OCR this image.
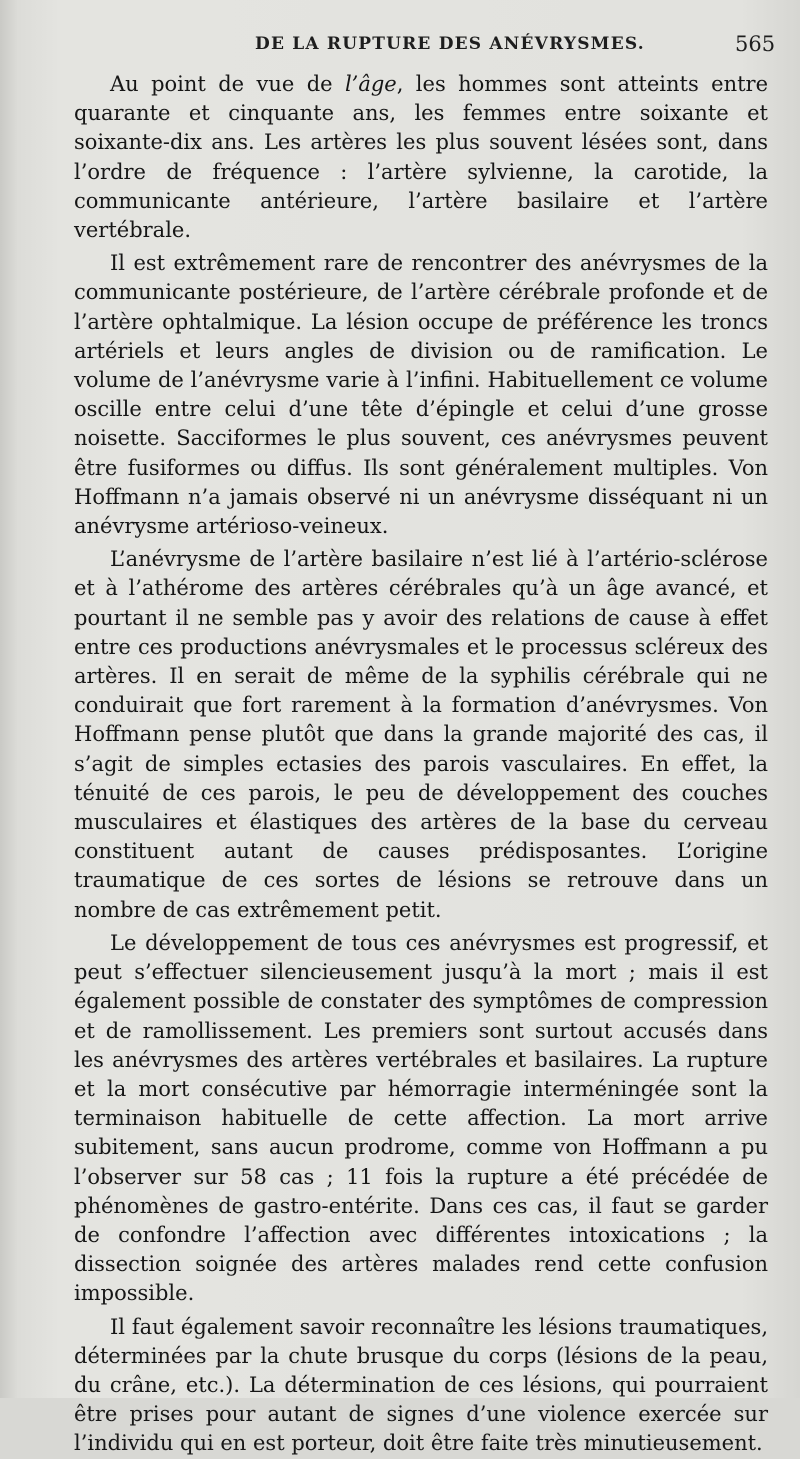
DE LA RUPTURE DES ANÉVRYSMES.	565

Au point de vue de l’âge, les hommes sont atteints entre quarante et cinquante ans, les femmes entre soixante et soixante-dix ans. Les artères les plus souvent lésées sont, dans l’ordre de fréquence : l’artère sylvienne, la carotide, la communicante antérieure, l’artère basilaire et l’artère vertébrale.

Il est extrêmement rare de rencontrer des anévrysmes de la communicante postérieure, de l’artère cérébrale profonde et de l’artère ophtalmique. La lésion occupe de préférence les troncs artériels et leurs angles de division ou de ramification. Le volume de l’anévrysme varie à l’infini. Habituellement ce volume oscille entre celui d’une tête d’épingle et celui d’une grosse noisette. Sacciformes le plus souvent, ces anévrysmes peuvent être fusiformes ou diffus. Ils sont généralement multiples. Von Hoffmann n’a jamais observé ni un anévrysme disséquant ni un anévrysme artérioso-veineux.

L’anévrysme de l’artère basilaire n’est lié à l’artério-sclérose et à l’athérome des artères cérébrales qu’à un âge avancé, et pourtant il ne semble pas y avoir des relations de cause à effet entre ces productions anévrysmales et le processus scléreux des artères. Il en serait de même de la syphilis cérébrale qui ne conduirait que fort rarement à la formation d’anévrysmes. Von Hoffmann pense plutôt que dans la grande majorité des cas, il s’agit de simples ectasies des parois vasculaires. En effet, la ténuité de ces parois, le peu de développement des couches musculaires et élastiques des artères de la base du cerveau constituent autant de causes prédisposantes. L’origine traumatique de ces sortes de lésions se retrouve dans un nombre de cas extrêmement petit.

Le développement de tous ces anévrysmes est progressif, et peut s’effectuer silencieusement jusqu’à la mort ; mais il est également possible de constater des symptômes de compression et de ramollissement. Les premiers sont surtout accusés dans les anévrysmes des artères vertébrales et basilaires. La rupture et la mort consécutive par hémorragie interméningée sont la terminaison habituelle de cette affection. La mort arrive subitement, sans aucun prodrome, comme von Hoffmann a pu l’observer sur 58 cas ; 11 fois la rupture a été précédée de phénomènes de gastro-entérite. Dans ces cas, il faut se garder de confondre l’affection avec différentes intoxications ; la dissection soignée des artères malades rend cette confusion impossible.

Il faut également savoir reconnaître les lésions traumatiques, déterminées par la chute brusque du corps (lésions de la peau, du crâne, etc.). La détermination de ces lésions, qui pourraient être prises pour autant de signes d’une violence exercée sur l’individu qui en est porteur, doit être faite très minutieusement.
